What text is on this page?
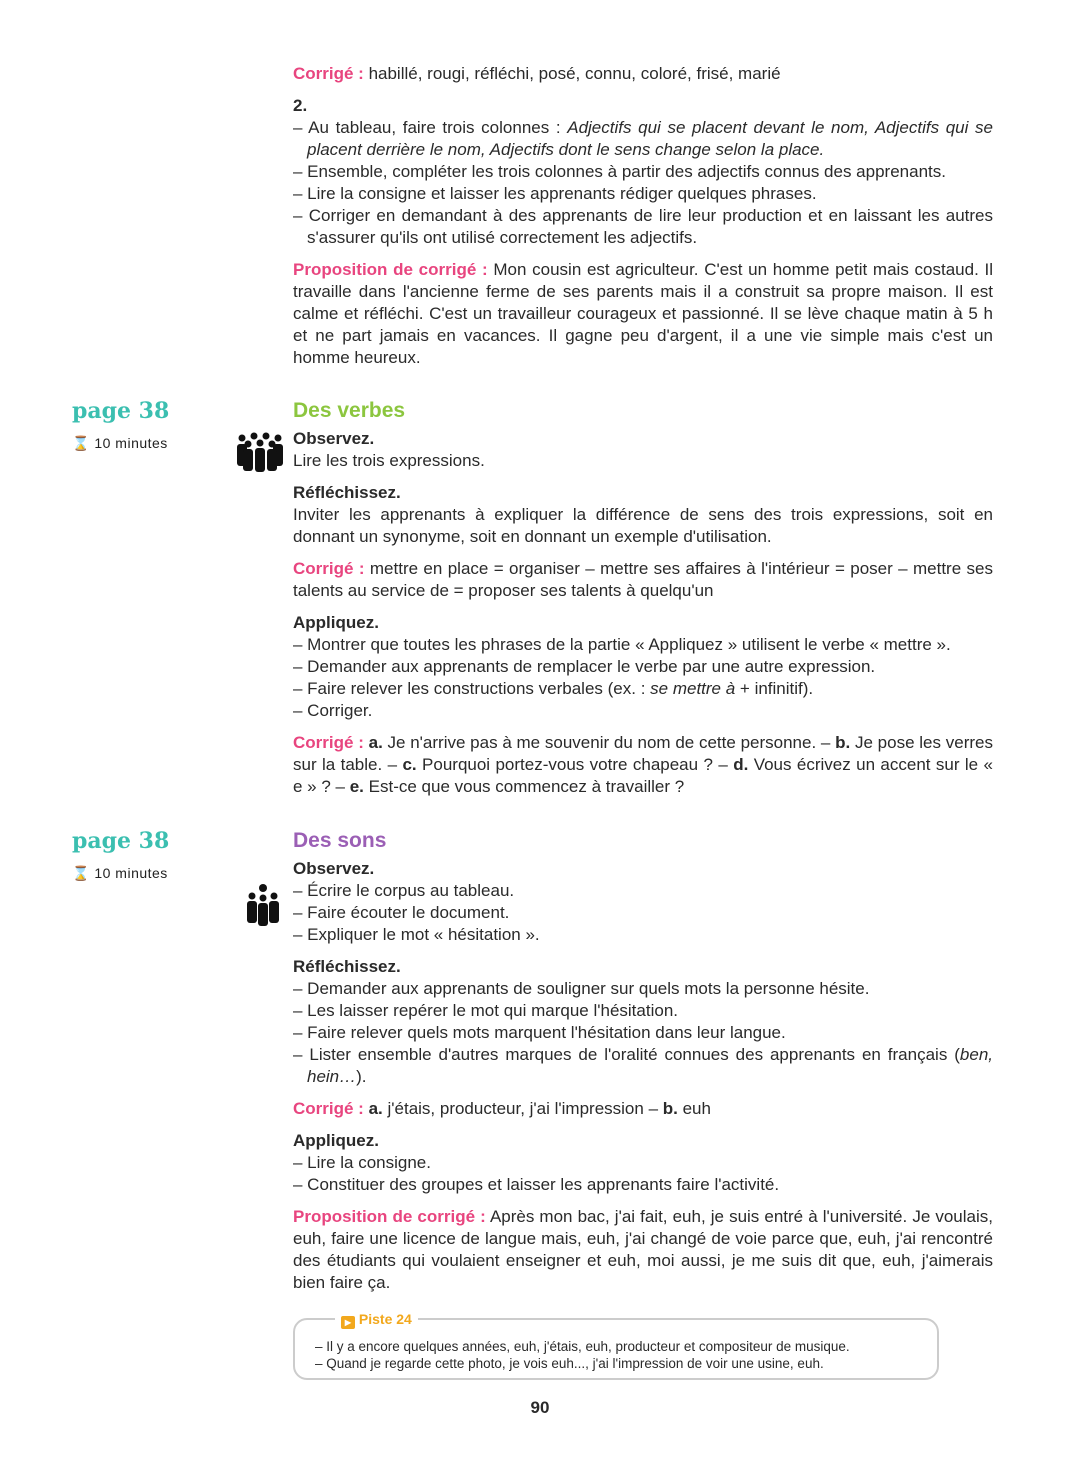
Corrigé : habillé, rougi, réfléchi, posé, connu, coloré, frisé, marié

2.

– Au tableau, faire trois colonnes : Adjectifs qui se placent devant le nom, Adjectifs qui se placent derrière le nom, Adjectifs dont le sens change selon la place.

– Ensemble, compléter les trois colonnes à partir des adjectifs connus des apprenants.

– Lire la consigne et laisser les apprenants rédiger quelques phrases.

– Corriger en demandant à des apprenants de lire leur production et en laissant les autres s'assurer qu'ils ont utilisé correctement les adjectifs.

Proposition de corrigé : Mon cousin est agriculteur. C'est un homme petit mais costaud. Il travaille dans l'ancienne ferme de ses parents mais il a construit sa propre maison. Il est calme et réfléchi. C'est un travailleur courageux et passionné. Il se lève chaque matin à 5 h et ne part jamais en vacances. Il gagne peu d'argent, il a une vie simple mais c'est un homme heureux.

page 38
⌛ 10 minutes
Des verbes

Observez.

Lire les trois expressions.

Réfléchissez.

Inviter les apprenants à expliquer la différence de sens des trois expressions, soit en donnant un synonyme, soit en donnant un exemple d'utilisation.

Corrigé : mettre en place = organiser – mettre ses affaires à l'intérieur = poser – mettre ses talents au service de = proposer ses talents à quelqu'un

Appliquez.

– Montrer que toutes les phrases de la partie « Appliquez » utilisent le verbe « mettre ».

– Demander aux apprenants de remplacer le verbe par une autre expression.

– Faire relever les constructions verbales (ex. : se mettre à + infinitif).

– Corriger.

Corrigé : a. Je n'arrive pas à me souvenir du nom de cette personne. – b. Je pose les verres sur la table. – c. Pourquoi portez-vous votre chapeau ? – d. Vous écrivez un accent sur le « e » ? – e. Est-ce que vous commencez à travailler ?

page 38
⌛ 10 minutes
Des sons

Observez.

– Écrire le corpus au tableau.

– Faire écouter le document.

– Expliquer le mot « hésitation ».

Réfléchissez.

– Demander aux apprenants de souligner sur quels mots la personne hésite.

– Les laisser repérer le mot qui marque l'hésitation.

– Faire relever quels mots marquent l'hésitation dans leur langue.

– Lister ensemble d'autres marques de l'oralité connues des apprenants en français (ben, hein…).

Corrigé : a. j'étais, producteur, j'ai l'impression – b. euh

Appliquez.

– Lire la consigne.

– Constituer des groupes et laisser les apprenants faire l'activité.

Proposition de corrigé : Après mon bac, j'ai fait, euh, je suis entré à l'université. Je voulais, euh, faire une licence de langue mais, euh, j'ai changé de voie parce que, euh, j'ai rencontré des étudiants qui voulaient enseigner et euh, moi aussi, je me suis dit que, euh, j'aimerais bien faire ça.

▶ Piste 24
– Il y a encore quelques années, euh, j'étais, euh, producteur et compositeur de musique.
– Quand je regarde cette photo, je vois euh..., j'ai l'impression de voir une usine, euh.
90
